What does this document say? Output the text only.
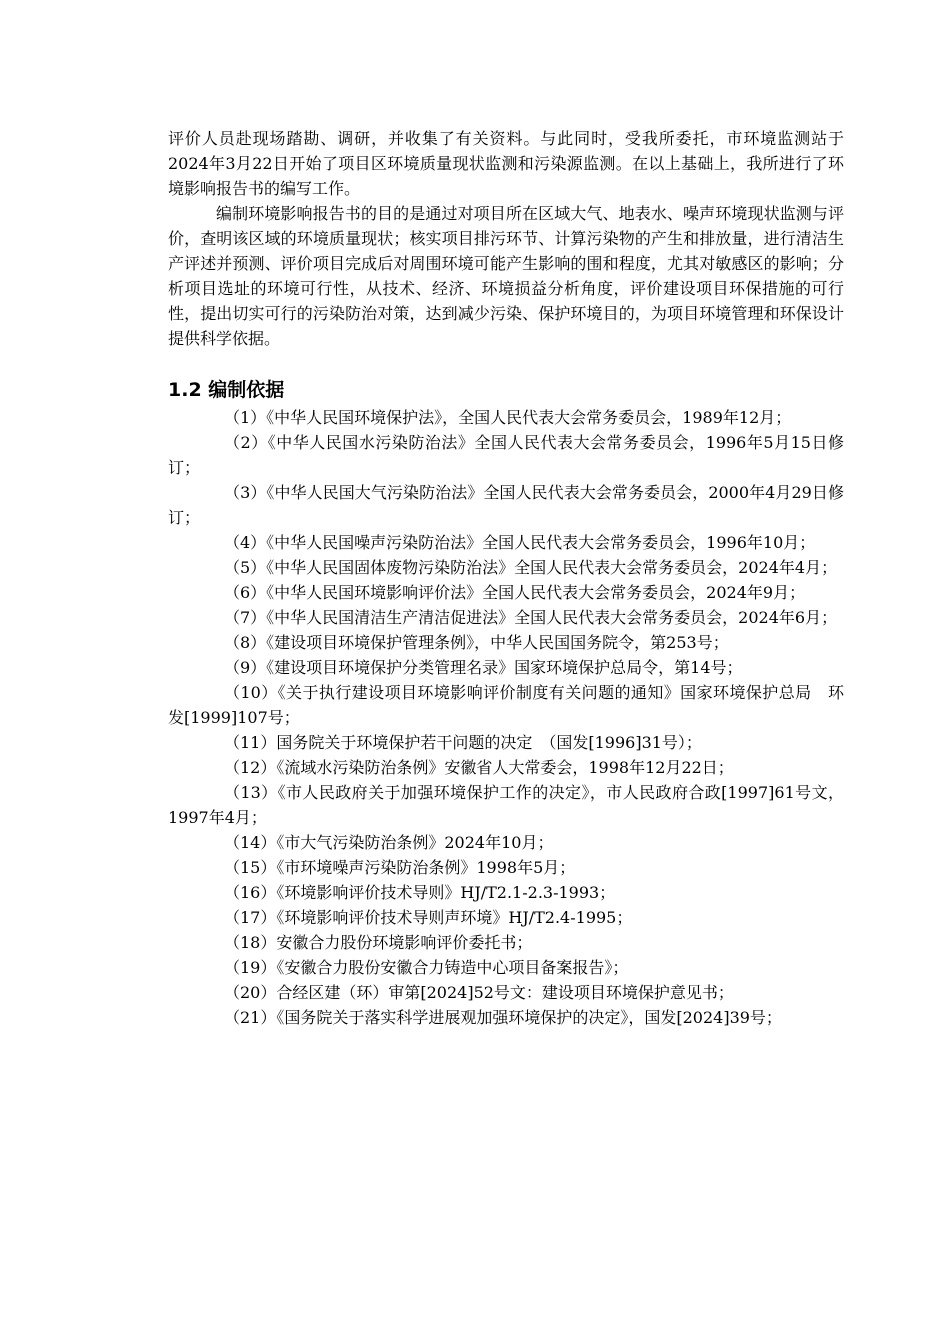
评价人员赴现场踏勘、调研，并收集了有关资料。与此同时，受我所委托，市环境监测站于2024年3月22日开始了项目区环境质量现状监测和污染源监测。在以上基础上，我所进行了环境影响报告书的编写工作。

编制环境影响报告书的目的是通过对项目所在区域大气、地表水、噪声环境现状监测与评价，查明该区域的环境质量现状；核实项目排污环节、计算污染物的产生和排放量，进行清洁生产评述并预测、评价项目完成后对周围环境可能产生影响的围和程度，尤其对敏感区的影响；分析项目选址的环境可行性，从技术、经济、环境损益分析角度，评价建设项目环保措施的可行性，提出切实可行的污染防治对策，达到减少污染、保护环境目的，为项目环境管理和环保设计提供科学依据。

1.2 编制依据
（1）《中华人民国环境保护法》，全国人民代表大会常务委员会，1989年12月；
（2）《中华人民国水污染防治法》全国人民代表大会常务委员会，1996年5月15日修订；
（3）《中华人民国大气污染防治法》全国人民代表大会常务委员会，2000年4月29日修订；
（4）《中华人民国噪声污染防治法》全国人民代表大会常务委员会，1996年10月；
（5）《中华人民国固体废物污染防治法》全国人民代表大会常务委员会，2024年4月；
（6）《中华人民国环境影响评价法》全国人民代表大会常务委员会，2024年9月；
（7）《中华人民国清洁生产清洁促进法》全国人民代表大会常务委员会，2024年6月；
（8）《建设项目环境保护管理条例》，中华人民国国务院令，第253号；
（9）《建设项目环境保护分类管理名录》国家环境保护总局令，第14号；
（10）《关于执行建设项目环境影响评价制度有关问题的通知》国家环境保护总局　环发[1999]107号；
（11）国务院关于环境保护若干问题的决定　（国发[1996]31号）；
（12）《流域水污染防治条例》安徽省人大常委会，1998年12月22日；
（13）《市人民政府关于加强环境保护工作的决定》，市人民政府合政[1997]61号文，1997年4月；
（14）《市大气污染防治条例》2024年10月；
（15）《市环境噪声污染防治条例》1998年5月；
（16）《环境影响评价技术导则》HJ/T2.1-2.3-1993；
（17）《环境影响评价技术导则声环境》HJ/T2.4-1995；
（18）安徽合力股份环境影响评价委托书；
（19）《安徽合力股份安徽合力铸造中心项目备案报告》；
（20）合经区建（环）审第[2024]52号文：建设项目环境保护意见书；
（21）《国务院关于落实科学进展观加强环境保护的决定》，国发[2024]39号；
